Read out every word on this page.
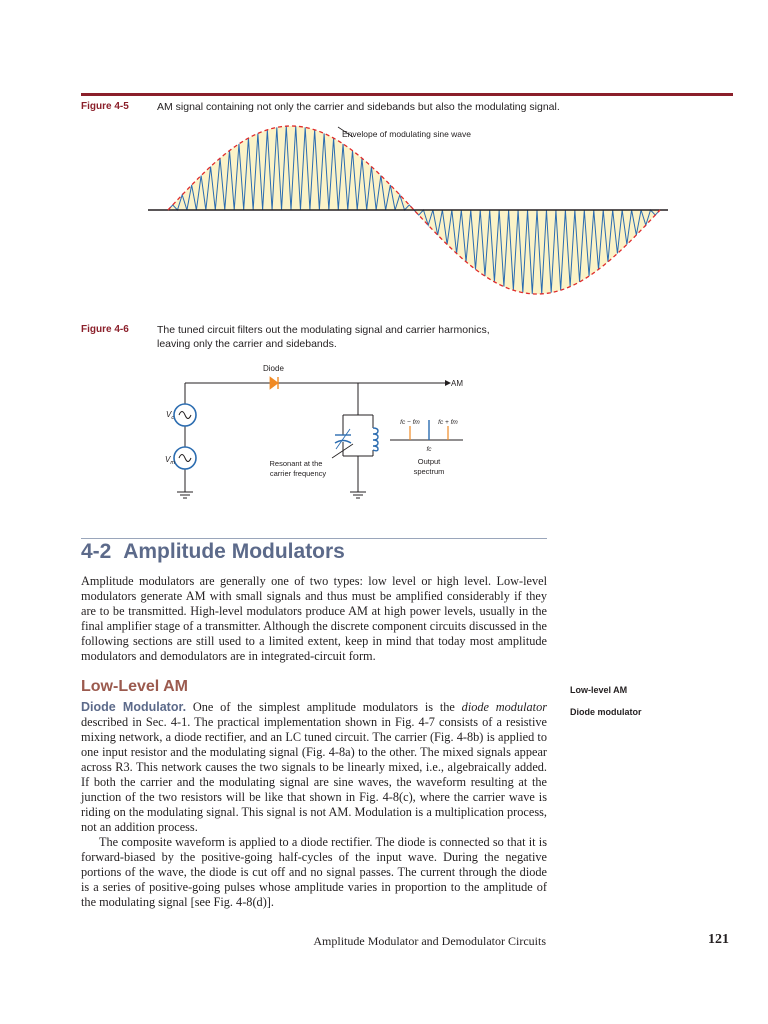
Figure 4-5	AM signal containing not only the carrier and sidebands but also the modulating signal.
Envelope of modulating sine wave
Figure 4-6	The tuned circuit filters out the modulating signal and carrier harmonics,
leaving only the carrier and sidebands.
Diode
AM
$V_c$
$V_m$	Resonant at the
carrier frequency
fc − fm	fc + fm
fc
Output
spectrum
4-2 Amplitude Modulators

Amplitude modulators are generally one of two types: low level or high level. Low-level modulators generate AM with small signals and thus must be amplified considerably if they are to be transmitted. High-level modulators produce AM at high power levels, usually in the final amplifier stage of a transmitter. Although the discrete component circuits discussed in the following sections are still used to a limited extent, keep in mind that today most amplitude modulators and demodulators are in integrated-circuit form.

Low-Level AM

Diode Modulator. One of the simplest amplitude modulators is the diode modulator described in Sec. 4-1. The practical implementation shown in Fig. 4-7 consists of a resistive mixing network, a diode rectifier, and an LC tuned circuit. The carrier (Fig. 4-8b) is applied to one input resistor and the modulating signal (Fig. 4-8a) to the other. The mixed signals appear across R3. This network causes the two signals to be linearly mixed, i.e., algebraically added. If both the carrier and the modulating signal are sine waves, the waveform resulting at the junction of the two resistors will be like that shown in Fig. 4-8(c), where the carrier wave is riding on the modulating signal. This signal is not AM. Modulation is a multiplication process, not an addition process.

The composite waveform is applied to a diode rectifier. The diode is connected so that it is forward-biased by the positive-going half-cycles of the input wave. During the negative portions of the wave, the diode is cut off and no signal passes. The current through the diode is a series of positive-going pulses whose amplitude varies in proportion to the amplitude of the modulating signal [see Fig. 4-8(d)].

Low-level AM
Diode modulator
Amplitude Modulator and Demodulator Circuits	121
